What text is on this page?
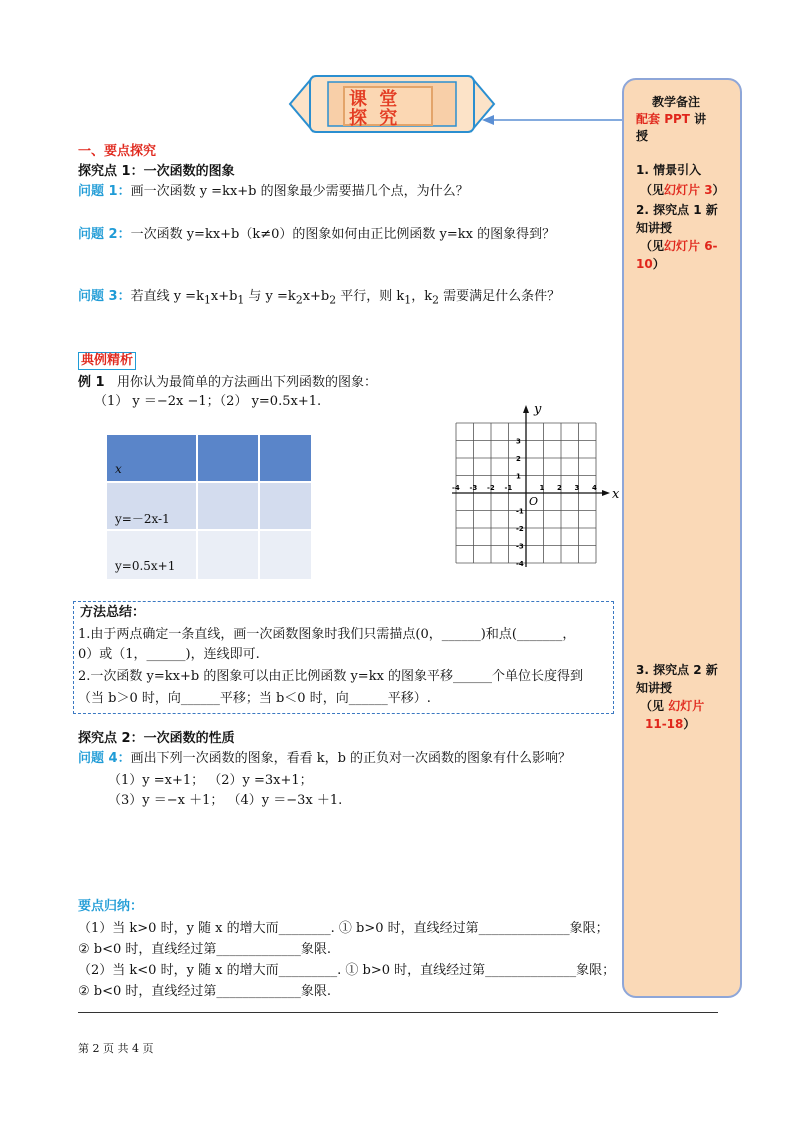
课 堂 探 究
教学备注
配套 PPT 讲
授
1. 情景引入
（见幻灯片 3）
2. 探究点 1 新
知讲授
（见幻灯片 6-
10）
3. 探究点 2 新
知讲授
（见 幻灯片
11-18）
一、要点探究
探究点 1：一次函数的图象
问题 1：画一次函数 y =kx+b 的图象最少需要描几个点，为什么？
问题 2：一次函数 y=kx+b（k≠0）的图象如何由正比例函数 y=kx 的图象得到？
问题 3：若直线 $y =k_1x+b_1$ 与 $y =k_2x+b_2$ 平行，则 $k_1$，$k_2$ 需要满足什么条件？
典例精析
例 1 用你认为最简单的方法画出下列函数的图象：
（1） y ＝−2x −1；（2） y=0.5x+1.
x
y=－2x-1
y=0.5x+1
x
y
O
-4 -3 -2 -1	1 2 3 4
3
2
1
-1
-2
-3
-4
方法总结：
1.由于两点确定一条直线，画一次函数图象时我们只需描点(0，______)和点(_______，
0）或（1，______)，连线即可.
2.一次函数 y=kx+b 的图象可以由正比例函数 y=kx 的图象平移______个单位长度得到
（当 b＞0 时，向______平移；当 b＜0 时，向______平移）.
探究点 2：一次函数的性质
问题 4：画出下列一次函数的图象，看看 k，b 的正负对一次函数的图象有什么影响？
（1）y =x+1； （2）y =3x+1；
（3）y ＝−x ＋1； （4）y ＝−3x ＋1.
要点归纳：
（1）当 k>0 时，y 随 x 的增大而________. ① b>0 时，直线经过第______________象限；
② b<0 时，直线经过第_____________象限.
（2）当 k<0 时，y 随 x 的增大而_________. ① b>0 时，直线经过第______________象限；
② b<0 时，直线经过第_____________象限.
第 2 页 共 4 页
